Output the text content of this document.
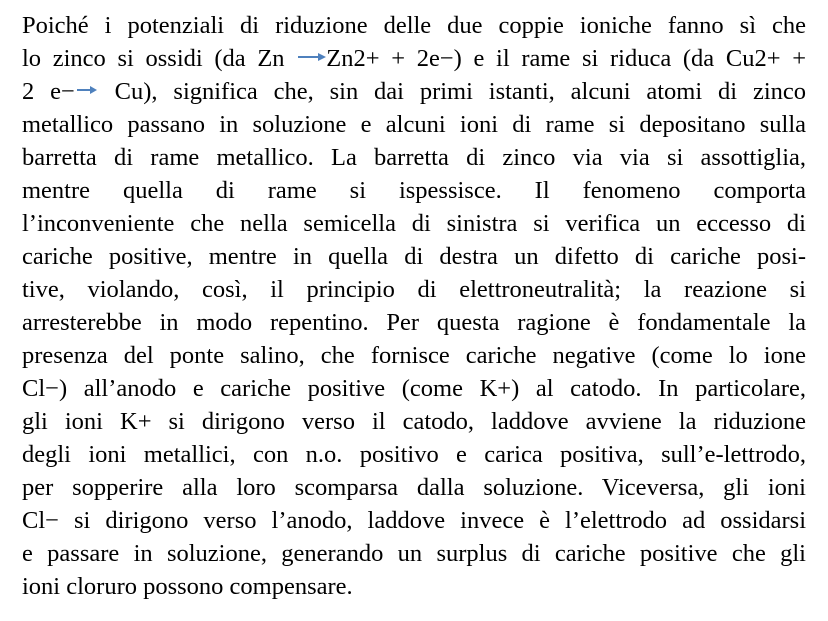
Poiché i potenziali di riduzione delle due coppie ioniche fanno sì che
lo zinco si ossidi (da Zn →Zn2+ + 2e−) e il rame si riduca (da Cu2+ +
2 e−→ Cu), significa che, sin dai primi istanti, alcuni atomi di zinco
metallico passano in soluzione e alcuni ioni di rame si depositano sulla
barretta di rame metallico. La barretta di zinco via via si assottiglia,
mentre quella di rame si ispessisce. Il fenomeno comporta
l’inconveniente che nella semicella di sinistra si verifica un eccesso di
cariche positive, mentre in quella di destra un difetto di cariche posi-
tive, violando, così, il principio di elettroneutralità; la reazione si
arresterebbe in modo repentino. Per questa ragione è fondamentale la
presenza del ponte salino, che fornisce cariche negative (come lo ione
Cl−) all’anodo e cariche positive (come K+) al catodo. In particolare,
gli ioni K+ si dirigono verso il catodo, laddove avviene la riduzione
degli ioni metallici, con n.o. positivo e carica positiva, sull’e-lettrodo,
per sopperire alla loro scomparsa dalla soluzione. Viceversa, gli ioni
Cl− si dirigono verso l’anodo, laddove invece è l’elettrodo ad ossidarsi
e passare in soluzione, generando un surplus di cariche positive che gli
ioni cloruro possono compensare.
